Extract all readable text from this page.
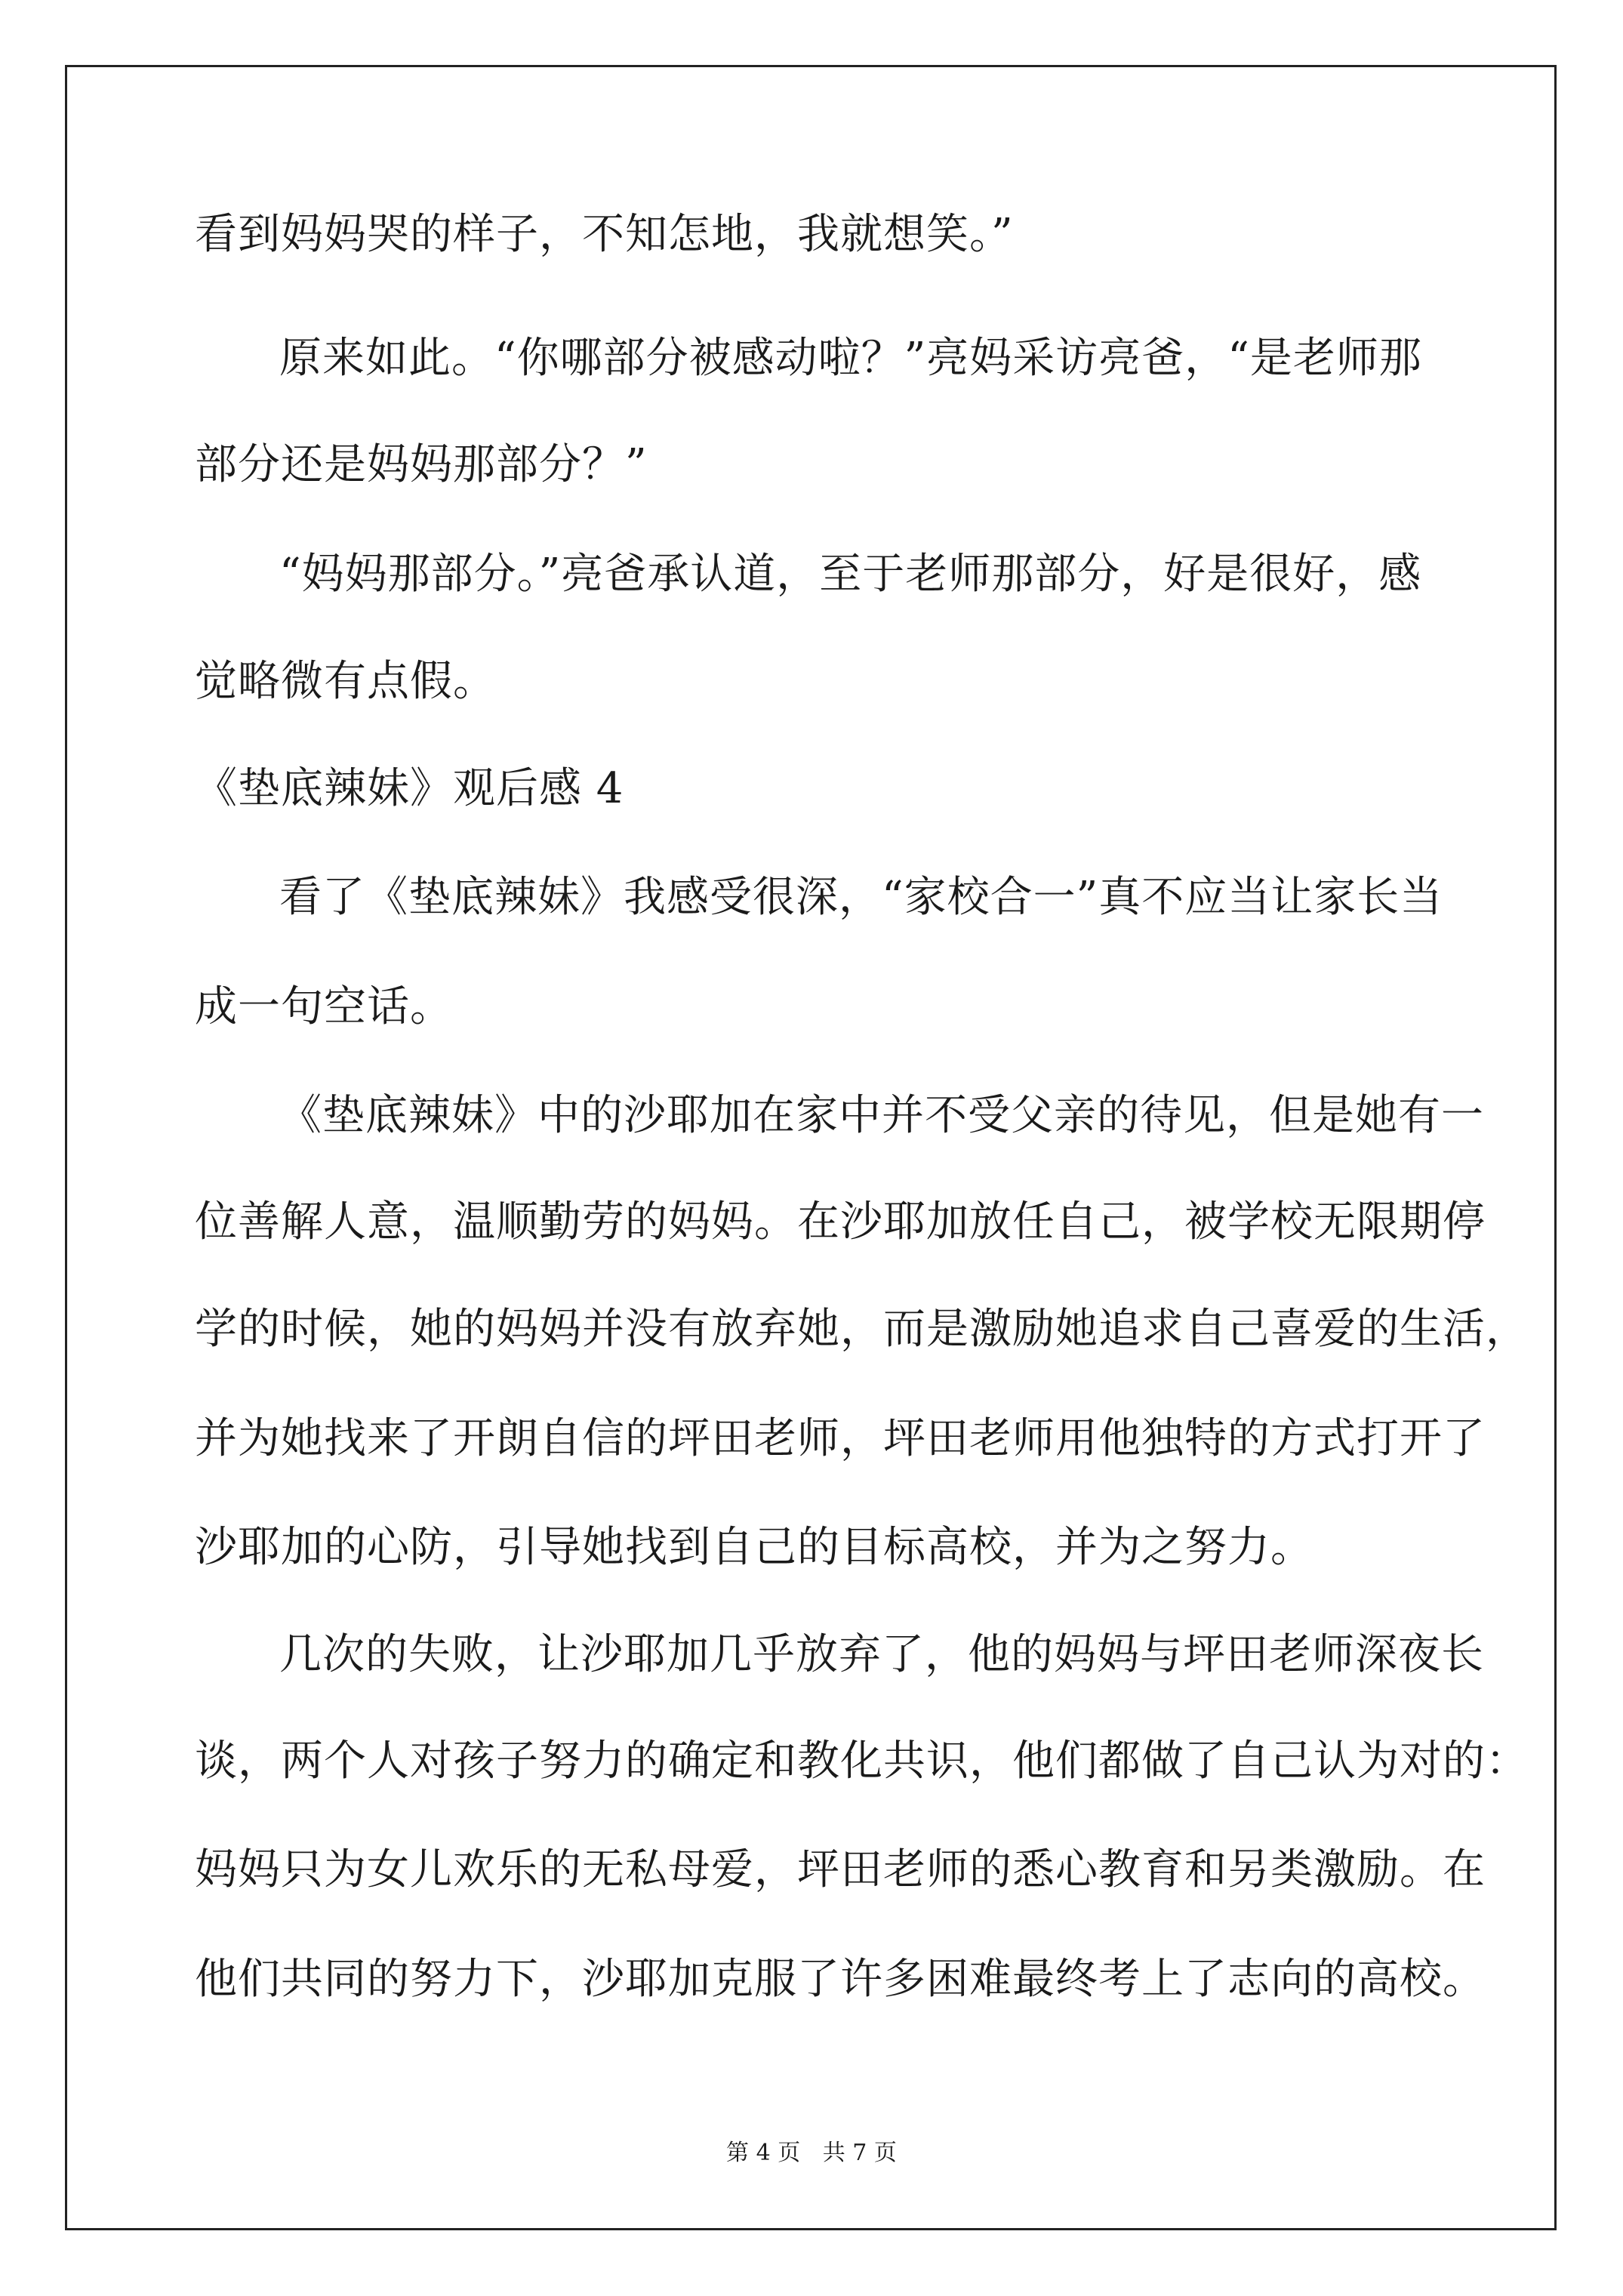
看到妈妈哭的样子，不知怎地，我就想笑。”
原来如此。“你哪部分被感动啦？”亮妈采访亮爸，“是老师那
部分还是妈妈那部分？”
“妈妈那部分。”亮爸承认道，至于老师那部分，好是很好，感
觉略微有点假。
《垫底辣妹》观后感 4
看了《垫底辣妹》我感受很深，“家校合一”真不应当让家长当
成一句空话。
《垫底辣妹》中的沙耶加在家中并不受父亲的待见，但是她有一
位善解人意，温顺勤劳的妈妈。在沙耶加放任自己，被学校无限期停
学的时候，她的妈妈并没有放弃她，而是激励她追求自己喜爱的生活，
并为她找来了开朗自信的坪田老师，坪田老师用他独特的方式打开了
沙耶加的心防，引导她找到自己的目标高校，并为之努力。
几次的失败，让沙耶加几乎放弃了，他的妈妈与坪田老师深夜长
谈，两个人对孩子努力的确定和教化共识，他们都做了自己认为对的：
妈妈只为女儿欢乐的无私母爱，坪田老师的悉心教育和另类激励。在
他们共同的努力下，沙耶加克服了许多困难最终考上了志向的高校。
第 4 页 共 7 页
